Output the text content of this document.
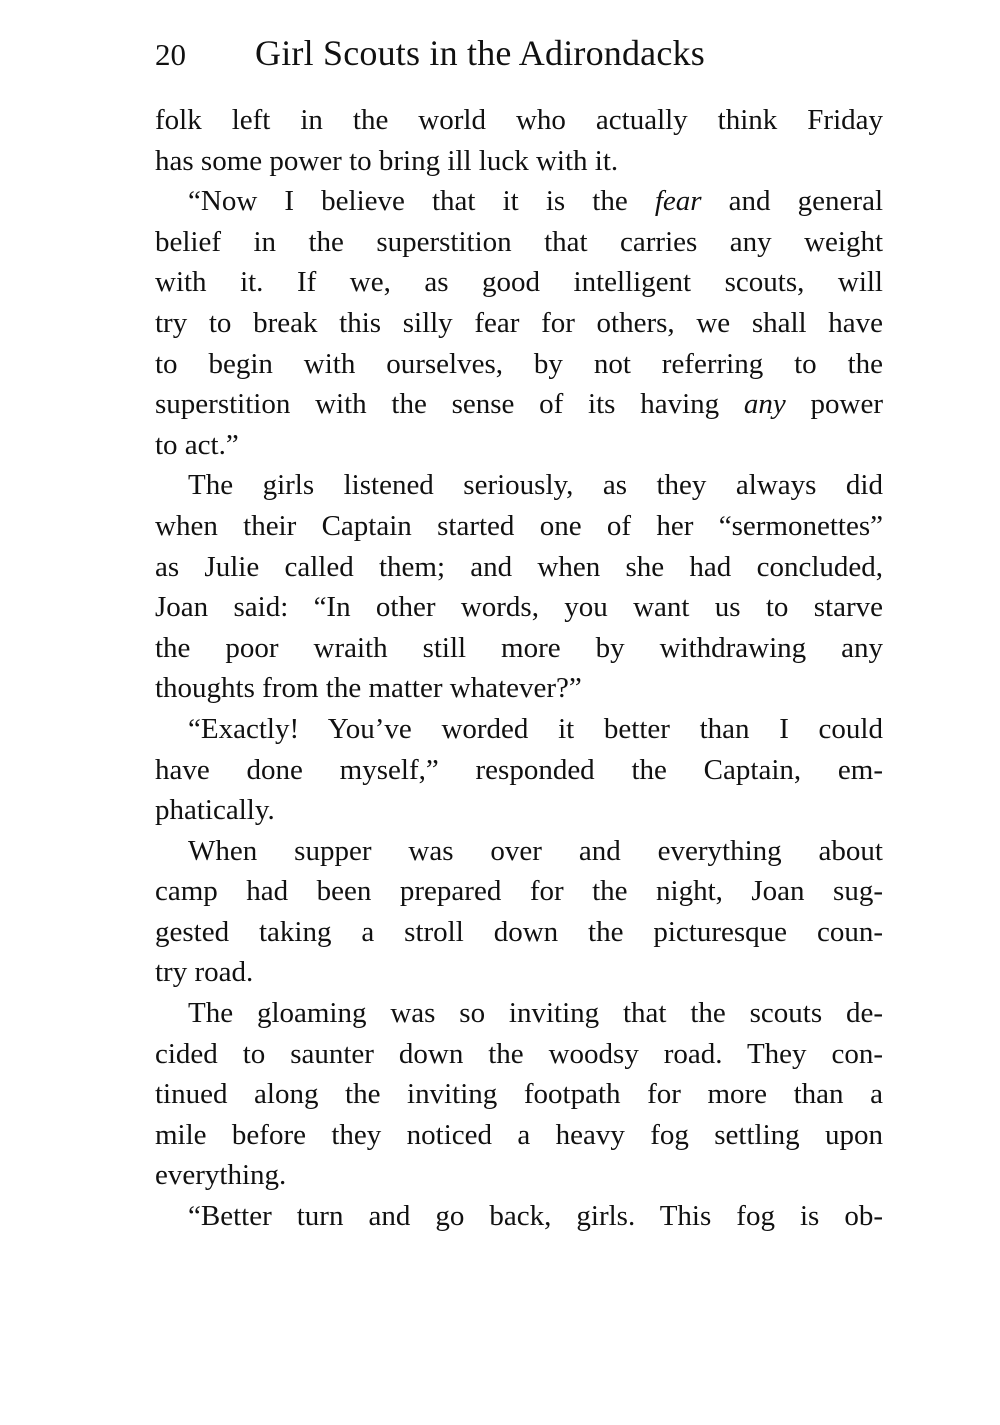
20 Girl Scouts in the Adirondacks
folk left in the world who actually think Friday
has some power to bring ill luck with it.
“Now I believe that it is the fear and general
belief in the superstition that carries any weight
with it. If we, as good intelligent scouts, will
try to break this silly fear for others, we shall have
to begin with ourselves, by not referring to the
superstition with the sense of its having any power
to act.”
The girls listened seriously, as they always did
when their Captain started one of her “sermonettes”
as Julie called them; and when she had concluded,
Joan said: “In other words, you want us to starve
the poor wraith still more by withdrawing any
thoughts from the matter whatever?”
“Exactly! You’ve worded it better than I could
have done myself,” responded the Captain, em-
phatically.
When supper was over and everything about
camp had been prepared for the night, Joan sug-
gested taking a stroll down the picturesque coun-
try road.
The gloaming was so inviting that the scouts de-
cided to saunter down the woodsy road. They con-
tinued along the inviting footpath for more than a
mile before they noticed a heavy fog settling upon
everything.
“Better turn and go back, girls. This fog is ob-
